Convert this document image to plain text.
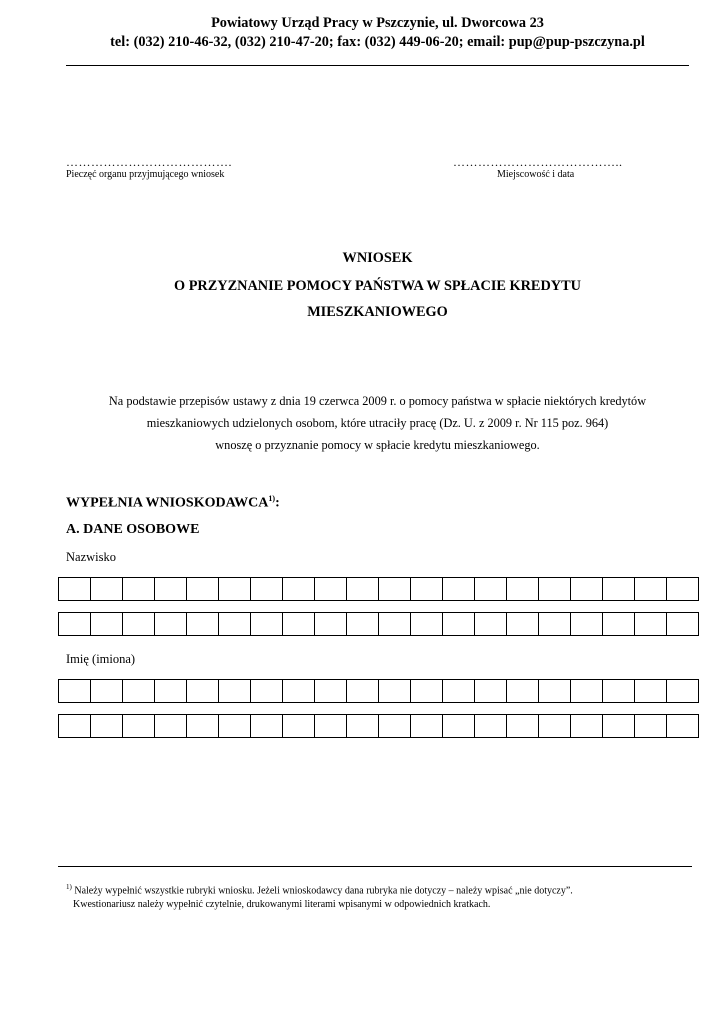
Powiatowy Urząd Pracy w Pszczynie, ul. Dworcowa 23
tel: (032) 210-46-32, (032) 210-47-20; fax: (032) 449-06-20; email: pup@pup-pszczyna.pl
………………………………….
Pieczęć organu przyjmującego wniosek
…………………………………..
Miejscowość i data
WNIOSEK
O PRZYZNANIE POMOCY PAŃSTWA W SPŁACIE KREDYTU
MIESZKANIOWEGO
Na podstawie przepisów ustawy z dnia 19 czerwca 2009 r. o pomocy państwa w spłacie niektórych kredytów
mieszkaniowych udzielonych osobom, które utraciły pracę (Dz. U. z 2009 r. Nr 115 poz. 964)
wnoszę o przyznanie pomocy w spłacie kredytu mieszkaniowego.
WYPEŁNIA WNIOSKODAWCA$^{1)}$:
A. DANE OSOBOWE
Nazwisko
Imię (imiona)
$^{1)}$ Należy wypełnić wszystkie rubryki wniosku. Jeżeli wnioskodawcy dana rubryka nie dotyczy – należy wpisać „nie dotyczy”.
Kwestionariusz należy wypełnić czytelnie, drukowanymi literami wpisanymi w odpowiednich kratkach.
